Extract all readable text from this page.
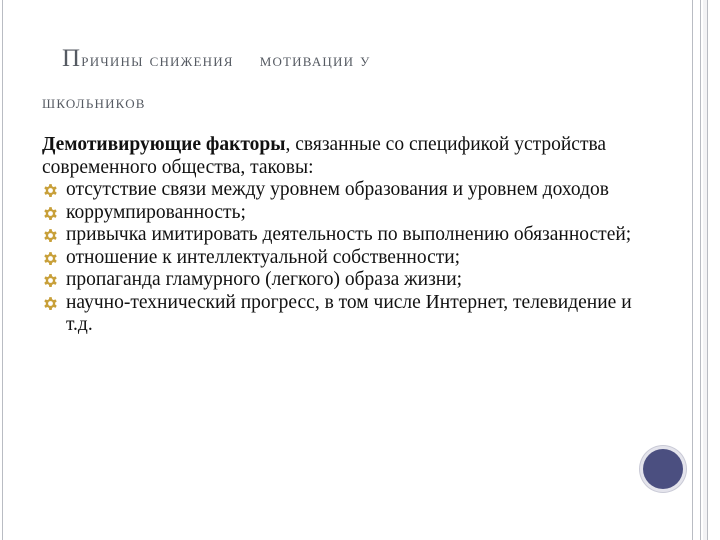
Причины снижения мотивации у
школьников

Демотивирующие факторы, связанные со спецификой устройства современного общества, таковы:

отсутствие связи между уровнем образования и уровнем доходов
коррумпированность;
привычка имитировать деятельность по выполнению обязанностей;
отношение к интеллектуальной собственности;
пропаганда гламурного (легкого) образа жизни;
научно-технический прогресс, в том числе Интернет, телевидение и т.д.
